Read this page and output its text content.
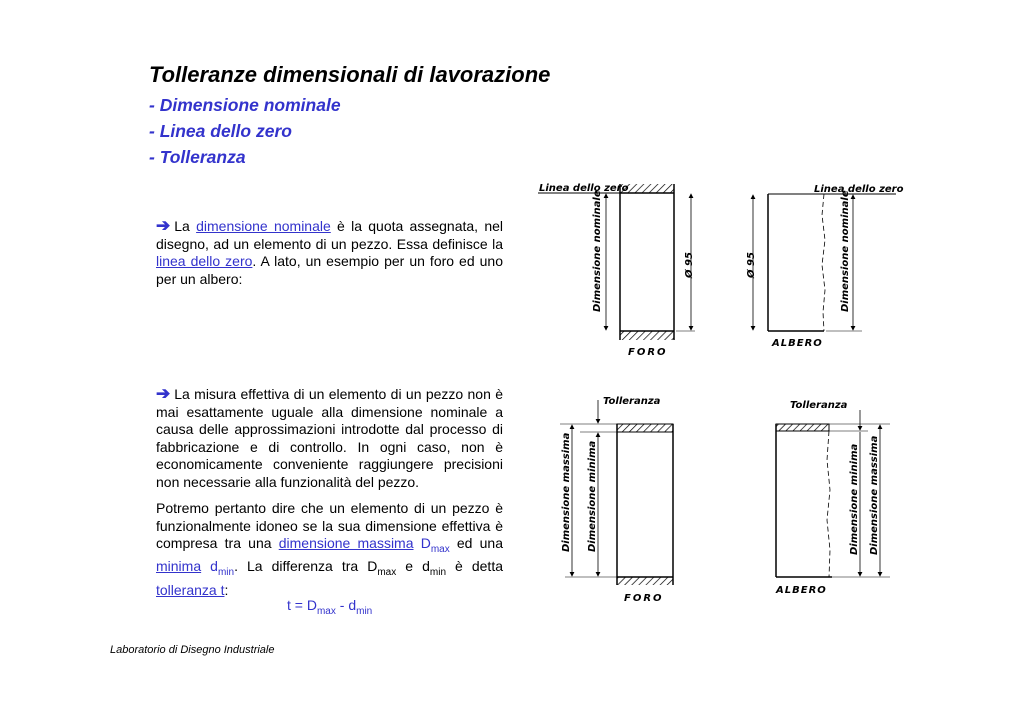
Tolleranze dimensionali di lavorazione

- Dimensione nominale

- Linea dello zero

- Tolleranza

➔ La dimensione nominale è la quota assegnata, nel disegno, ad un elemento di un pezzo. Essa definisce la linea dello zero. A lato, un esempio per un foro ed uno per un albero:

➔ La misura effettiva di un elemento di un pezzo non è mai esattamente uguale alla dimensione nominale a causa delle approssimazioni introdotte dal processo di fabbricazione e di controllo. In ogni caso, non è economicamente conveniente raggiungere precisioni non necessarie alla funzionalità del pezzo.

Potremo pertanto dire che un elemento di un pezzo è funzionalmente idoneo se la sua dimensione effettiva è compresa tra una dimensione massima $D_{max}$ ed una minima $d_{min}$. La differenza tra $D_{max}$ e $d_{min}$ è detta tolleranza t:

$t = D_{max} - d_{min}$

Laboratorio di Disegno Industriale

Linea dello zero
Dimensione nominale	Ø 95
FORO
Linea dello zero
Ø 95	Dimensione nominale
ALBERO
Tolleranza
Dimensione massima Dimensione minima
FORO
Tolleranza
Dimensione minima Dimensione massima
ALBERO
